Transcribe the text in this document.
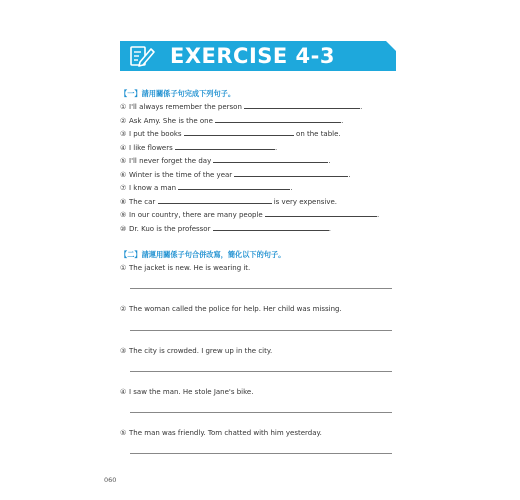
EXERCISE 4-3
【一】請用關係子句完成下列句子。
① I'll always remember the person	.
② Ask Amy. She is the one	.
③ I put the books	on the table.
④ I like flowers	.
⑤ I'll never forget the day	.
⑥ Winter is the time of the year	.
⑦ I know a man	.
⑧ The car	is very expensive.
⑨ In our country, there are many people	.
⑩ Dr. Kuo is the professor	.
【二】請運用關係子句合併改寫，簡化以下的句子。
① The jacket is new. He is wearing it.
② The woman called the police for help. Her child was missing.
③ The city is crowded. I grew up in the city.
④ I saw the man. He stole Jane's bike.
⑤ The man was friendly. Tom chatted with him yesterday.
060
